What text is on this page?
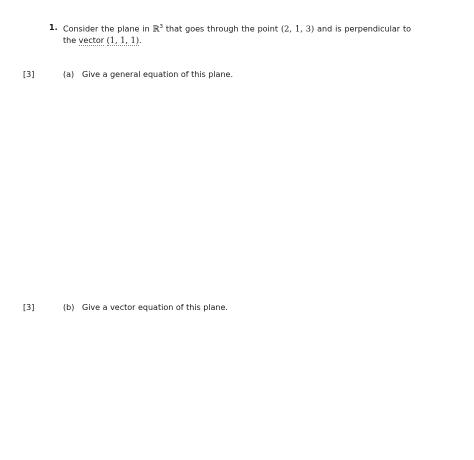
1. Consider the plane in ℝ$^3$ that goes through the point (2, 1, 3) and is perpendicular to the vector (1, 1, 1).
[3]	(a) Give a general equation of this plane.
[3]	(b) Give a vector equation of this plane.
